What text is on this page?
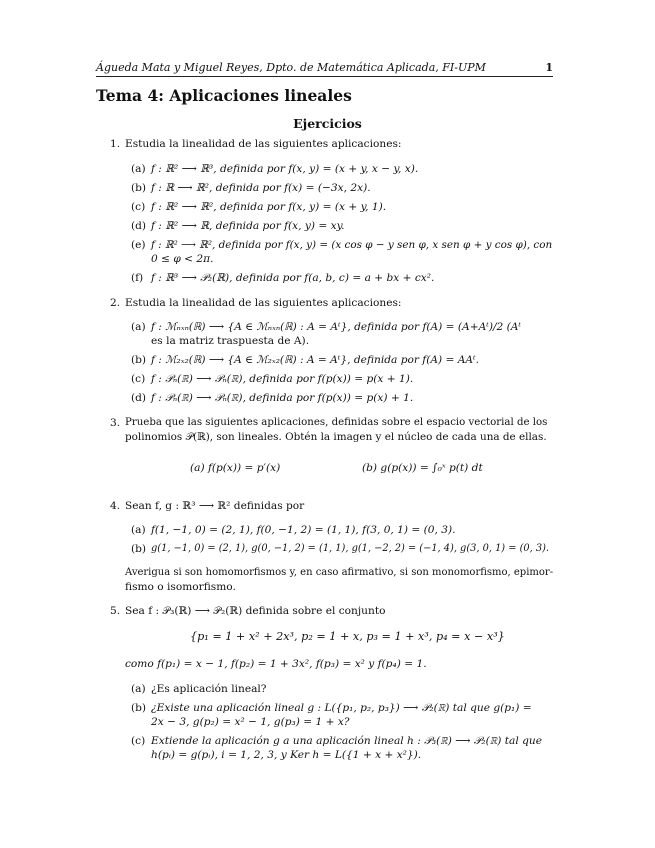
Águeda Mata y Miguel Reyes, Dpto. de Matemática Aplicada, FI-UPM	1
Tema 4: Aplicaciones lineales
Ejercicios
1. Estudia la linealidad de las siguientes aplicaciones:
(a) f : ℝ² ⟶ ℝ³, definida por f(x, y) = (x + y, x − y, x).
(b) f : ℝ ⟶ ℝ², definida por f(x) = (−3x, 2x).
(c) f : ℝ² ⟶ ℝ², definida por f(x, y) = (x + y, 1).
(d) f : ℝ² ⟶ ℝ, definida por f(x, y) = xy.
(e) f : ℝ² ⟶ ℝ², definida por f(x, y) = (x cos φ − y sen φ, x sen φ + y cos φ), con
0 ≤ φ < 2π.
(f) f : ℝ³ ⟶ 𝒫₂(ℝ), definida por f(a, b, c) = a + bx + cx².
2. Estudia la linealidad de las siguientes aplicaciones:
(a) f : ℳₙₓₙ(ℝ) ⟶ {A ∈ ℳₙₓₙ(ℝ) : A = Aᵗ}, definida por f(A) = (A+Aᵗ)/2 (Aᵗ
es la matriz traspuesta de A).
(b) f : ℳ₂ₓ₂(ℝ) ⟶ {A ∈ ℳ₂ₓ₂(ℝ) : A = Aᵗ}, definida por f(A) = AAᵗ.
(c) f : 𝒫ₙ(ℝ) ⟶ 𝒫ₙ(ℝ), definida por f(p(x)) = p(x + 1).
(d) f : 𝒫ₙ(ℝ) ⟶ 𝒫ₙ(ℝ), definida por f(p(x)) = p(x) + 1.
3. Prueba que las siguientes aplicaciones, definidas sobre el espacio vectorial de los
polinomios 𝒫(ℝ), son lineales. Obtén la imagen y el núcleo de cada una de ellas.
(a) f(p(x)) = p′(x)	(b) g(p(x)) = ∫₀ˣ p(t) dt
4. Sean f, g : ℝ³ ⟶ ℝ² definidas por
(a) f(1, −1, 0) = (2, 1), f(0, −1, 2) = (1, 1), f(3, 0, 1) = (0, 3).
(b) g(1, −1, 0) = (2, 1), g(0, −1, 2) = (1, 1), g(1, −2, 2) = (−1, 4), g(3, 0, 1) = (0, 3).
Averigua si son homomorfismos y, en caso afirmativo, si son monomorfismo, epimor-
fismo o isomorfismo.
5. Sea f : 𝒫₃(ℝ) ⟶ 𝒫₂(ℝ) definida sobre el conjunto
{p₁ = 1 + x² + 2x³, p₂ = 1 + x, p₃ = 1 + x³, p₄ = x − x³}
como f(p₁) = x − 1, f(p₂) = 1 + 3x², f(p₃) = x² y f(p₄) = 1.
(a) ¿Es aplicación lineal?
(b) ¿Existe una aplicación lineal g : L({p₁, p₂, p₃}) ⟶ 𝒫₂(ℝ) tal que g(p₁) =
2x − 3, g(p₂) = x² − 1, g(p₃) = 1 + x?
(c) Extiende la aplicación g a una aplicación lineal h : 𝒫₃(ℝ) ⟶ 𝒫₂(ℝ) tal que
h(pᵢ) = g(pᵢ), i = 1, 2, 3, y Ker h = L({1 + x + x²}).
